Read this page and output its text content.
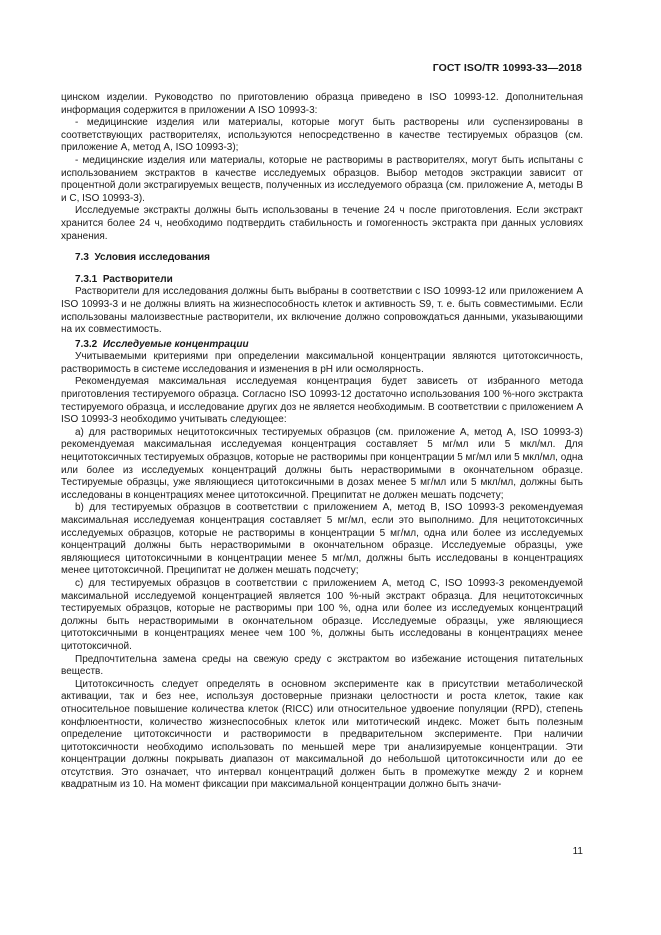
ГОСТ ISO/TR 10993-33—2018

цинском изделии. Руководство по приготовлению образца приведено в ISO 10993-12. Дополнительная информация содержится в приложении А ISO 10993-3:

- медицинские изделия или материалы, которые могут быть растворены или суспензированы в соответствующих растворителях, используются непосредственно в качестве тестируемых образцов (см. приложение А, метод А, ISO 10993-3);

- медицинские изделия или материалы, которые не растворимы в растворителях, могут быть испытаны с использованием экстрактов в качестве исследуемых образцов. Выбор методов экстракции зависит от процентной доли экстрагируемых веществ, полученных из исследуемого образца (см. приложение А, методы В и С, ISO 10993-3).

Исследуемые экстракты должны быть использованы в течение 24 ч после приготовления. Если экстракт хранится более 24 ч, необходимо подтвердить стабильность и гомогенность экстракта при данных условиях хранения.

7.3 Условия исследования

7.3.1 Растворители

Растворители для исследования должны быть выбраны в соответствии с ISO 10993-12 или приложением А ISO 10993-3 и не должны влиять на жизнеспособность клеток и активность S9, т. е. быть совместимыми. Если использованы малоизвестные растворители, их включение должно сопровождаться данными, указывающими на их совместимость.

7.3.2 Исследуемые концентрации

Учитываемыми критериями при определении максимальной концентрации являются цитотоксичность, растворимость в системе исследования и изменения в pH или осмолярность.

Рекомендуемая максимальная исследуемая концентрация будет зависеть от избранного метода приготовления тестируемого образца. Согласно ISO 10993-12 достаточно использования 100 %-ного экстракта тестируемого образца, и исследование других доз не является необходимым. В соответствии с приложением А ISO 10993-3 необходимо учитывать следующее:

а) для растворимых нецитотоксичных тестируемых образцов (см. приложение А, метод А, ISO 10993-3) рекомендуемая максимальная исследуемая концентрация составляет 5 мг/мл или 5 мкл/мл. Для нецитотоксичных тестируемых образцов, которые не растворимы при концентрации 5 мг/мл или 5 мкл/мл, одна или более из исследуемых концентраций должны быть нерастворимыми в окончательном образце. Тестируемые образцы, уже являющиеся цитотоксичными в дозах менее 5 мг/мл или 5 мкл/мл, должны быть исследованы в концентрациях менее цитотоксичной. Преципитат не должен мешать подсчету;

b) для тестируемых образцов в соответствии с приложением А, метод В, ISO 10993-3 рекомендуемая максимальная исследуемая концентрация составляет 5 мг/мл, если это выполнимо. Для нецитотоксичных исследуемых образцов, которые не растворимы в концентрации 5 мг/мл, одна или более из исследуемых концентраций должны быть нерастворимыми в окончательном образце. Исследуемые образцы, уже являющиеся цитотоксичными в концентрации менее 5 мг/мл, должны быть исследованы в концентрациях менее цитотоксичной. Преципитат не должен мешать подсчету;

с) для тестируемых образцов в соответствии с приложением А, метод С, ISO 10993-3 рекомендуемой максимальной исследуемой концентрацией является 100 %-ный экстракт образца. Для нецитотоксичных тестируемых образцов, которые не растворимы при 100 %, одна или более из исследуемых концентраций должны быть нерастворимыми в окончательном образце. Исследуемые образцы, уже являющиеся цитотоксичными в концентрациях менее чем 100 %, должны быть исследованы в концентрациях менее цитотоксичной.

Предпочтительна замена среды на свежую среду с экстрактом во избежание истощения питательных веществ.

Цитотоксичность следует определять в основном эксперименте как в присутствии метаболической активации, так и без нее, используя достоверные признаки целостности и роста клеток, такие как относительное повышение количества клеток (RICC) или относительное удвоение популяции (RPD), степень конфлюентности, количество жизнеспособных клеток или митотический индекс. Может быть полезным определение цитотоксичности и растворимости в предварительном эксперименте. При наличии цитотоксичности необходимо использовать по меньшей мере три анализируемые концентрации. Эти концентрации должны покрывать диапазон от максимальной до небольшой цитотоксичности или до ее отсутствия. Это означает, что интервал концентраций должен быть в промежутке между 2 и корнем квадратным из 10. На момент фиксации при максимальной концентрации должно быть значи-

11
